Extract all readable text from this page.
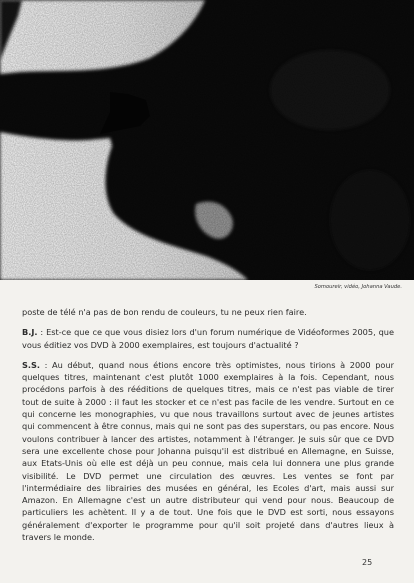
Somoureir, vidéo, Johanna Vaude.

poste de télé n'a pas de bon rendu de couleurs, tu ne peux rien faire.

B.J. : Est-ce que ce que vous disiez lors d'un forum numérique de Vidéoformes 2005, que vous éditiez vos DVD à 2000 exemplaires, est toujours d'actualité ?

S.S. : Au début, quand nous étions encore très optimistes, nous tirions à 2000 pour quelques titres, maintenant c'est plutôt 1000 exemplaires à la fois. Cependant, nous procédons parfois à des rééditions de quelques titres, mais ce n'est pas viable de tirer tout de suite à 2000 : il faut les stocker et ce n'est pas facile de les vendre. Surtout en ce qui concerne les monographies, vu que nous travaillons surtout avec de jeunes artistes qui commencent à être connus, mais qui ne sont pas des superstars, ou pas encore. Nous voulons contribuer à lancer des artistes, notamment à l'étranger. Je suis sûr que ce DVD sera une excellente chose pour Johanna puisqu'il est distribué en Allemagne, en Suisse, aux Etats-Unis où elle est déjà un peu connue, mais cela lui donnera une plus grande visibilité. Le DVD permet une circulation des œuvres. Les ventes se font par l'intermédiaire des librairies des musées en général, les Ecoles d'art, mais aussi sur Amazon. En Allemagne c'est un autre distributeur qui vend pour nous. Beaucoup de particuliers les achètent. Il y a de tout. Une fois que le DVD est sorti, nous essayons généralement d'exporter le programme pour qu'il soit projeté dans d'autres lieux à travers le monde.

25
